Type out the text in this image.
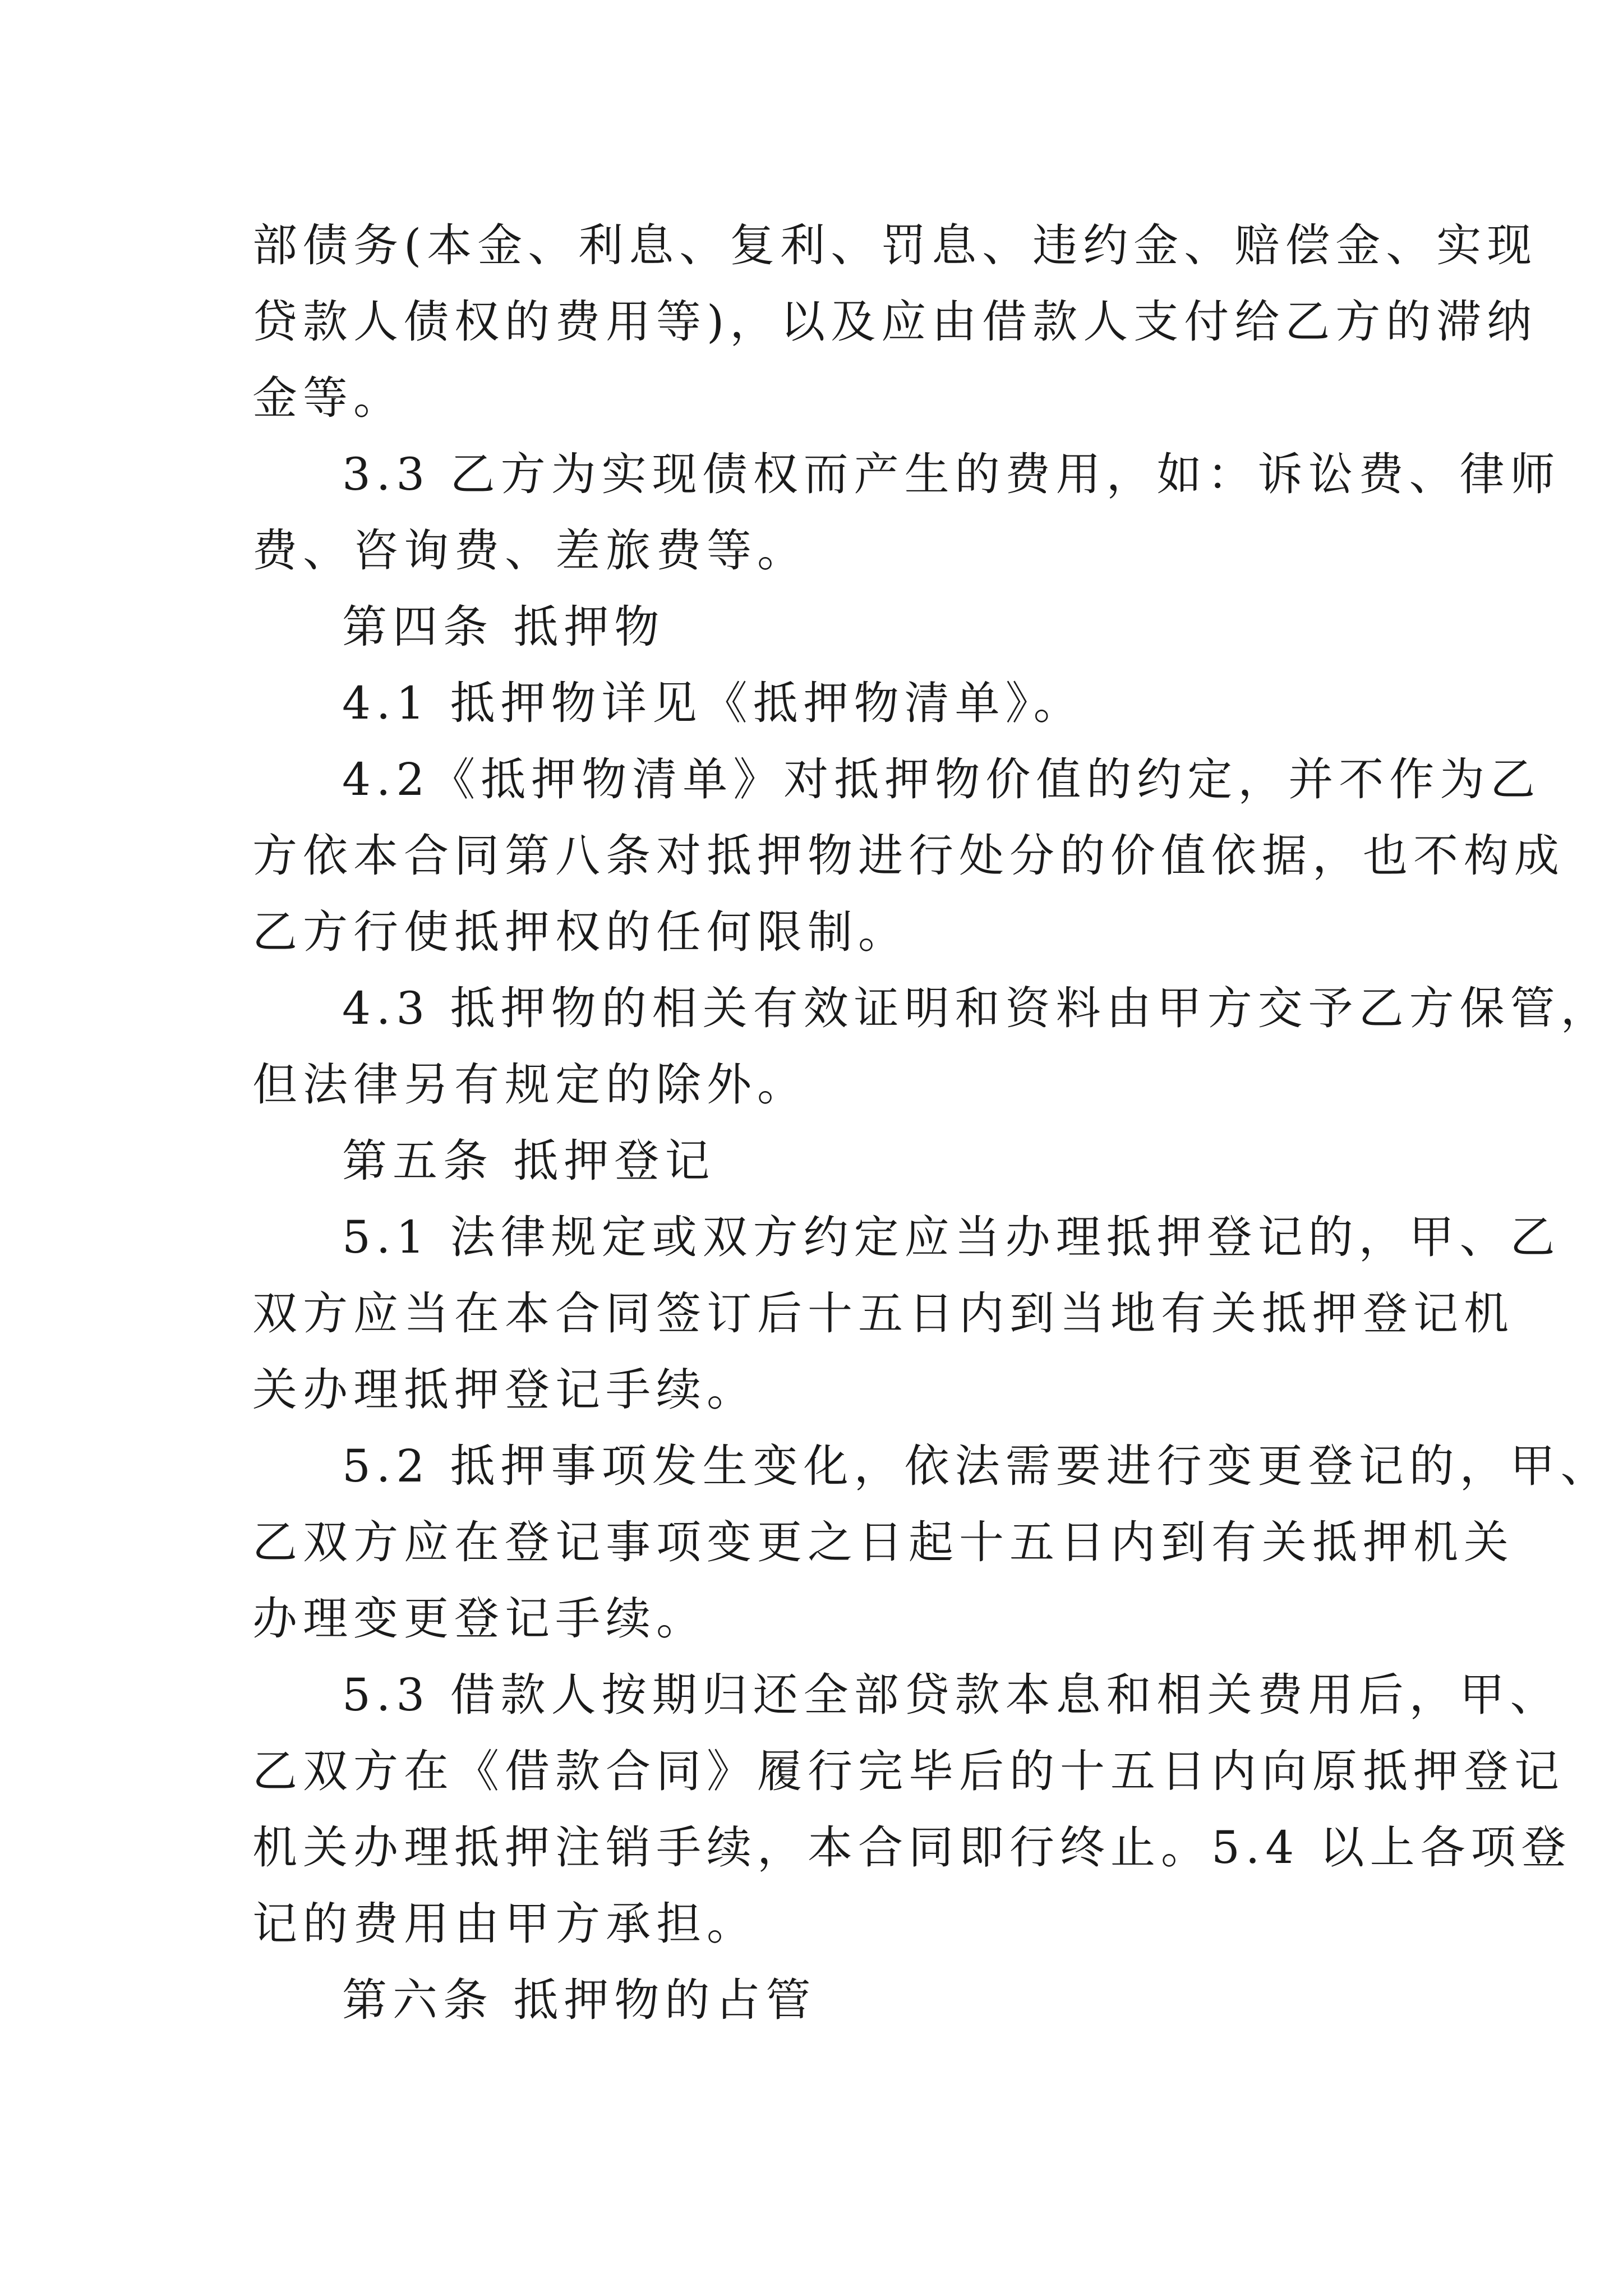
部债务(本金、利息、复利、罚息、违约金、赔偿金、实现
贷款人债权的费用等)，以及应由借款人支付给乙方的滞纳
金等。
3.3 乙方为实现债权而产生的费用，如：诉讼费、律师
费、咨询费、差旅费等。
第四条 抵押物
4.1 抵押物详见《抵押物清单》。
4.2《抵押物清单》对抵押物价值的约定，并不作为乙
方依本合同第八条对抵押物进行处分的价值依据，也不构成
乙方行使抵押权的任何限制。
4.3 抵押物的相关有效证明和资料由甲方交予乙方保管，
但法律另有规定的除外。
第五条 抵押登记
5.1 法律规定或双方约定应当办理抵押登记的，甲、乙
双方应当在本合同签订后十五日内到当地有关抵押登记机
关办理抵押登记手续。
5.2 抵押事项发生变化，依法需要进行变更登记的，甲、
乙双方应在登记事项变更之日起十五日内到有关抵押机关
办理变更登记手续。
5.3 借款人按期归还全部贷款本息和相关费用后，甲、
乙双方在《借款合同》履行完毕后的十五日内向原抵押登记
机关办理抵押注销手续，本合同即行终止。5.4 以上各项登
记的费用由甲方承担。
第六条 抵押物的占管
